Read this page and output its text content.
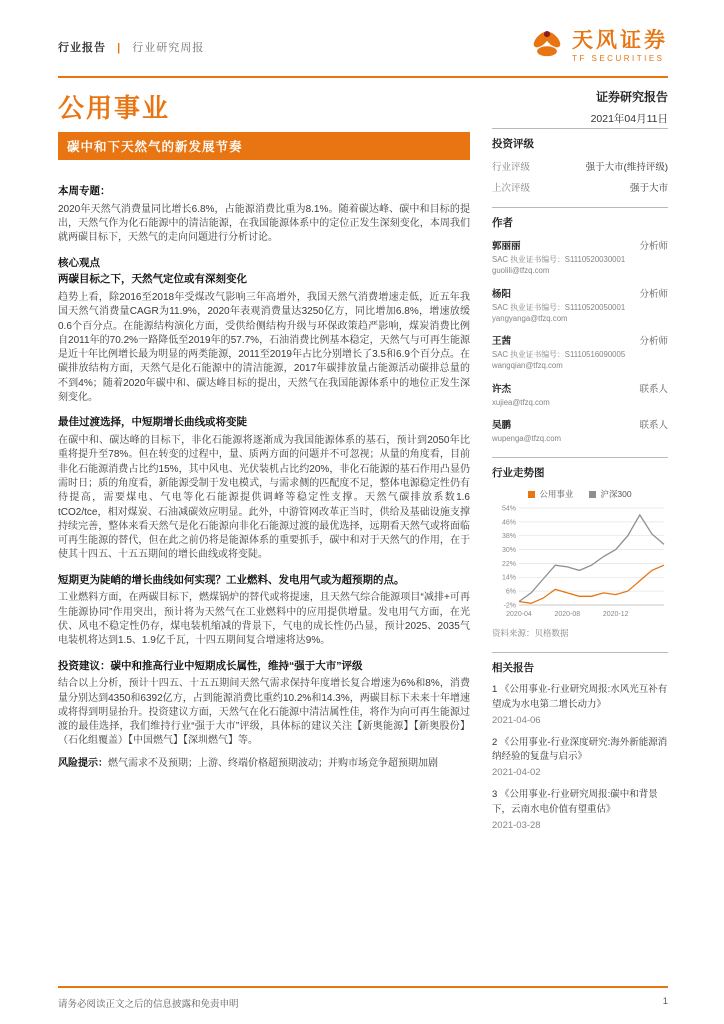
行业报告 | 行业研究周报	天风证券
TF SECURITIES
公用事业	证券研究报告
2021年04月11日
碳中和下天然气的新发展节奏
本周专题：

2020年天然气消费量同比增长6.8%，占能源消费比重为8.1%。随着碳达峰、碳中和目标的提出，天然气作为化石能源中的清洁能源，在我国能源体系中的定位正发生深刻变化，本周我们就两碳目标下，天然气的走向问题进行分析讨论。

核心观点
两碳目标之下，天然气定位或有深刻变化

趋势上看，除2016至2018年受煤改气影响三年高增外，我国天然气消费增速走低，近五年我国天然气消费量CAGR为11.9%，2020年表观消费量达3250亿方，同比增加6.8%，增速放缓0.6个百分点。在能源结构演化方面，受供给侧结构升级与环保政策趋严影响，煤炭消费比例自2011年的70.2%一路降低至2019年的57.7%，石油消费比例基本稳定，天然气与可再生能源是近十年比例增长最为明显的两类能源，2011至2019年占比分别增长了3.5和6.9个百分点。在碳排放结构方面，天然气是化石能源中的清洁能源，2017年碳排放量占能源活动碳排总量的不到4%；随着2020年碳中和、碳达峰目标的提出，天然气在我国能源体系中的地位正发生深刻变化。

最佳过渡选择，中短期增长曲线或将变陡

在碳中和、碳达峰的目标下，非化石能源将逐渐成为我国能源体系的基石，预计到2050年比重将提升至78%。但在转变的过程中，量、质两方面的问题并不可忽视；从量的角度看，目前非化石能源消费占比约15%，其中风电、光伏装机占比约20%，非化石能源的基石作用凸显仍需时日；质的角度看，新能源受制于发电模式，与需求侧的匹配度不足，整体电源稳定性仍有待提高，需要煤电、气电等化石能源提供调峰等稳定性支撑。天然气碳排放系数1.6 tCO2/tce，相对煤炭、石油减碳效应明显。此外，中游管网改革正当时，供给及基础设施支撑持续完善，整体来看天然气是化石能源向非化石能源过渡的最优选择，远期看天然气或将面临可再生能源的替代，但在此之前仍将是能源体系的重要抓手，碳中和对于天然气的作用，在于使其十四五、十五五期间的增长曲线或将变陡。

短期更为陡峭的增长曲线如何实现？工业燃料、发电用气或为超预期的点。

工业燃料方面，在两碳目标下，燃煤锅炉的替代或将提速，且天然气综合能源项目“减排+可再生能源协同”作用突出，预计将为天然气在工业燃料中的应用提供增量。发电用气方面，在光伏、风电不稳定性仍存，煤电装机缩减的背景下，气电的成长性仍凸显，预计2025、2035气电装机将达到1.5、1.9亿千瓦，十四五期间复合增速将达9%。

投资建议：碳中和推高行业中短期成长属性，维持“强于大市”评级

结合以上分析，预计十四五、十五五期间天然气需求保持年度增长复合增速为6%和8%，消费量分别达到4350和6392亿方，占到能源消费比重约10.2%和14.3%，两碳目标下未来十年增速或将得到明显抬升。投资建议方面，天然气在化石能源中清洁属性佳，将作为向可再生能源过渡的最佳选择，我们维持行业“强于大市”评级，具体标的建议关注【新奥能源】【新奥股份】（石化组覆盖）【中国燃气】【深圳燃气】等。

风险提示：燃气需求不及预期；上游、终端价格超预期波动；并购市场竞争超预期加剧

投资评级
行业评级	强于大市(维持评级)
上次评级	强于大市
作者
郭丽丽	分析师
SAC 执业证书编号：S1110520030001
guolili@tfzq.com
杨阳	分析师
SAC 执业证书编号：S1110520050001
yangyanga@tfzq.com
王茜	分析师
SAC 执业证书编号：S1110516090005
wangqian@tfzq.com
许杰	联系人
xujiea@tfzq.com
吴鹏	联系人
wupenga@tfzq.com
行业走势图
公用事业	沪深300
54%
46%
38%
30%
22%
14%
6%
-2%
2020-04	2020-08	2020-12
资料来源：贝格数据
相关报告
1 《公用事业-行业研究周报:水风光互补有望成为水电第二增长动力》
2021-04-06
2 《公用事业-行业深度研究:海外新能源消纳经验的复盘与启示》
2021-04-02
3 《公用事业-行业研究周报:碳中和背景下，云南水电价值有望重估》
2021-03-28
请务必阅读正文之后的信息披露和免责申明	1
